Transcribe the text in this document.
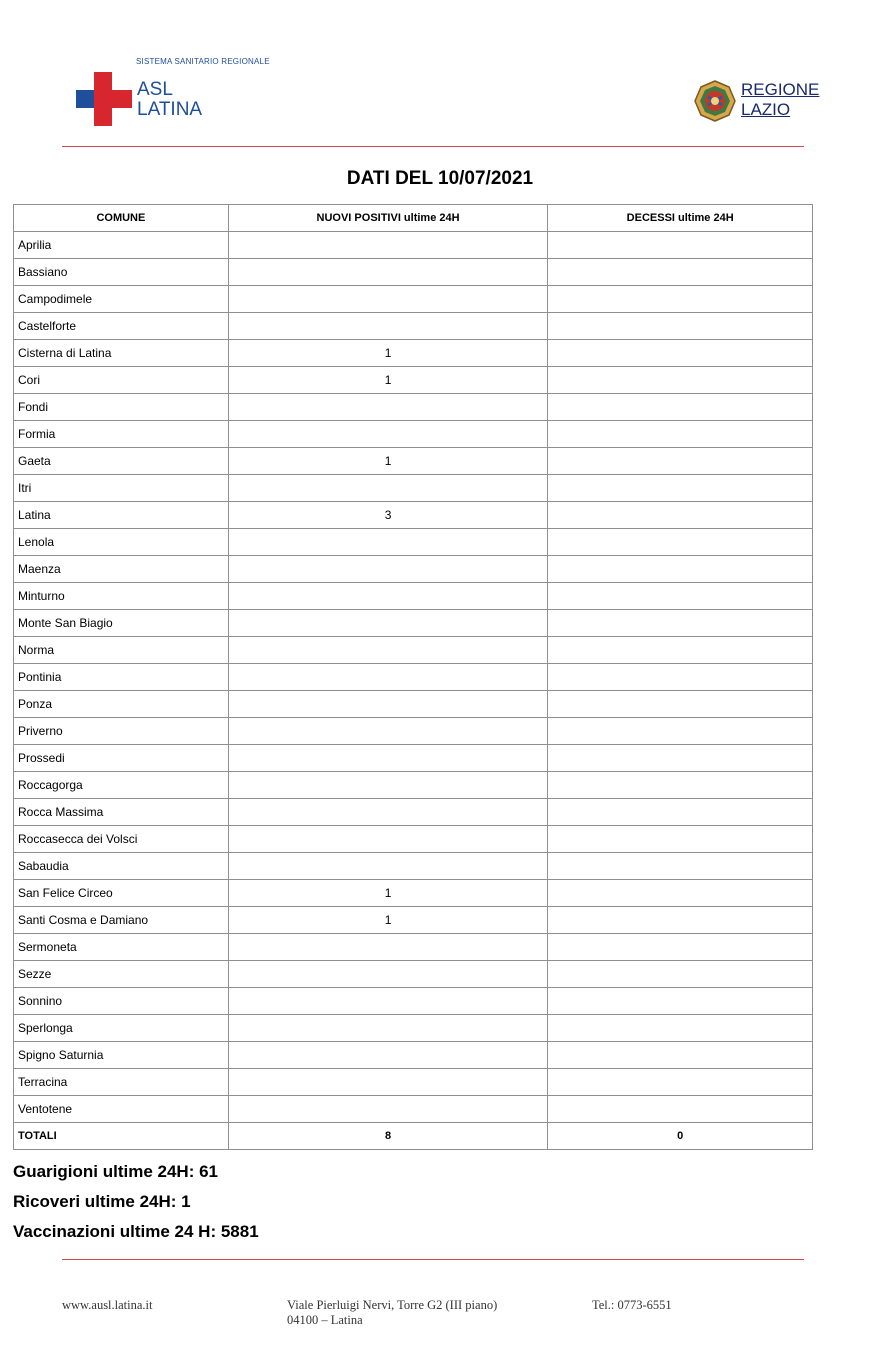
SISTEMA SANITARIO REGIONALE
ASL
LATINA
REGIONE
LAZIO
DATI DEL 10/07/2021
COMUNE	NUOVI POSITIVI ultime 24H	DECESSI ultime 24H
Aprilia		
Bassiano		
Campodimele		
Castelforte		
Cisterna di Latina	1	
Cori	1	
Fondi		
Formia		
Gaeta	1	
Itri		
Latina	3	
Lenola		
Maenza		
Minturno		
Monte San Biagio		
Norma		
Pontinia		
Ponza		
Priverno		
Prossedi		
Roccagorga		
Rocca Massima		
Roccasecca dei Volsci		
Sabaudia		
San Felice Circeo	1	
Santi Cosma e Damiano	1	
Sermoneta		
Sezze		
Sonnino		
Sperlonga		
Spigno Saturnia		
Terracina		
Ventotene		
TOTALI	8	0
Guarigioni ultime 24H: 61
Ricoveri ultime 24H: 1
Vaccinazioni ultime 24 H: 5881
www.ausl.latina.it	Viale Pierluigi Nervi, Torre G2 (III piano)
04100 – Latina
Tel.: 0773-6551
